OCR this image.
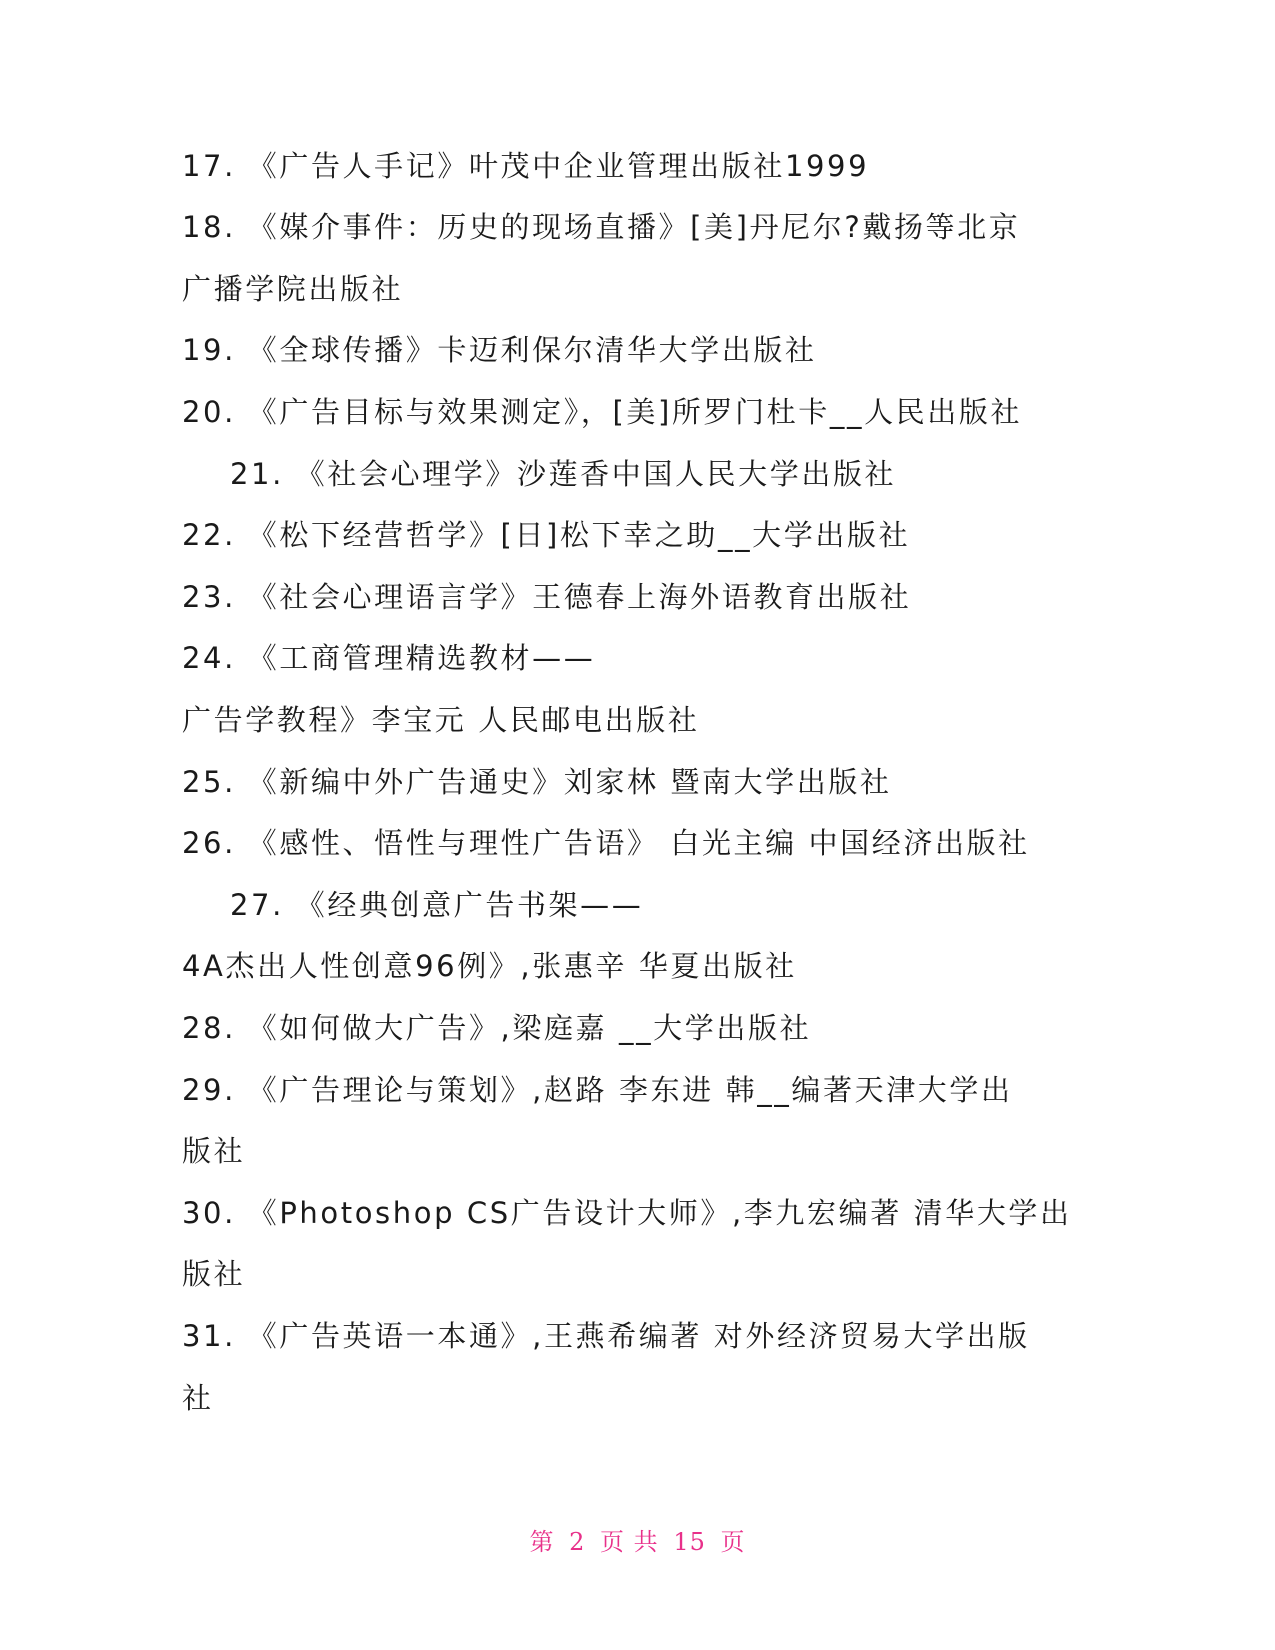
17. 《广告人手记》叶茂中企业管理出版社1999
18. 《媒介事件：历史的现场直播》[美]丹尼尔?戴扬等北京
广播学院出版社
19. 《全球传播》卡迈利保尔清华大学出版社
20. 《广告目标与效果测定》，[美]所罗门杜卡__人民出版社
21. 《社会心理学》沙莲香中国人民大学出版社
22. 《松下经营哲学》[日]松下幸之助__大学出版社
23. 《社会心理语言学》王德春上海外语教育出版社
24. 《工商管理精选教材——
广告学教程》李宝元 人民邮电出版社
25. 《新编中外广告通史》刘家林 暨南大学出版社
26. 《感性、悟性与理性广告语》 白光主编 中国经济出版社
27. 《经典创意广告书架——
4A杰出人性创意96例》,张惠辛 华夏出版社
28. 《如何做大广告》,梁庭嘉 __大学出版社
29. 《广告理论与策划》,赵路 李东进 韩__编著天津大学出
版社
30. 《Photoshop CS广告设计大师》,李九宏编著 清华大学出
版社
31. 《广告英语一本通》,王燕希编著 对外经济贸易大学出版
社
第 2 页 共 15 页
